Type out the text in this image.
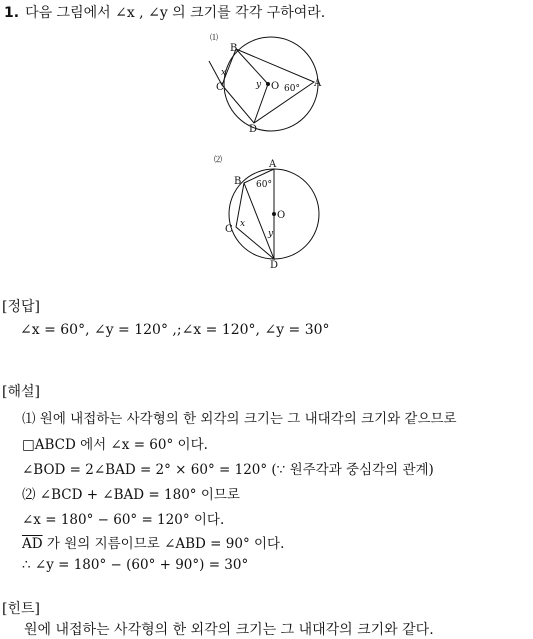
1. 다음 그림에서 ∠x , ∠y 의 크기를 각각 구하여라.
⑴
B
C	A
D
O
x
y	60°
⑵	A
B
C
D
O
x
y
60°
[정답]
∠x = 60°, ∠y = 120° ,;∠x = 120°, ∠y = 30°
[해설]
⑴ 원에 내접하는 사각형의 한 외각의 크기는 그 내대각의 크기와 같으므로
□ABCD 에서 ∠x = 60° 이다.
∠BOD = 2∠BAD = 2° × 60° = 120° (∵ 원주각과 중심각의 관계)
⑵ ∠BCD + ∠BAD = 180° 이므로
∠x = 180° − 60° = 120° 이다.
$\overline{AD}$ 가 원의 지름이므로 ∠ABD = 90° 이다.
∴ ∠y = 180° − (60° + 90°) = 30°
[힌트]
원에 내접하는 사각형의 한 외각의 크기는 그 내대각의 크기와 같다.
